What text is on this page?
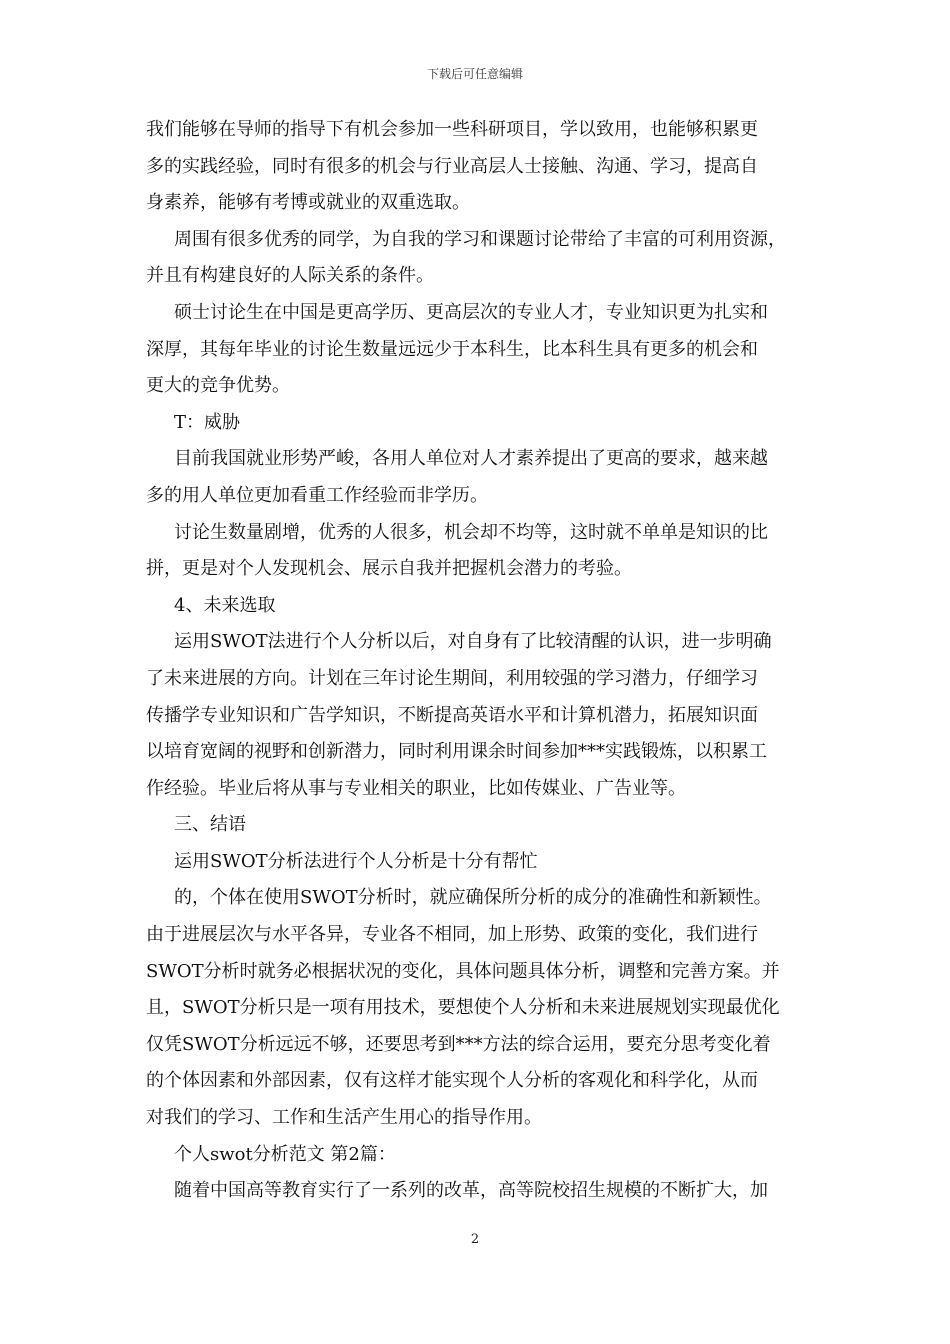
下载后可任意编辑
我们能够在导师的指导下有机会参加一些科研项目，学以致用，也能够积累更
多的实践经验，同时有很多的机会与行业高层人士接触、沟通、学习，提高自
身素养，能够有考博或就业的双重选取。
周围有很多优秀的同学，为自我的学习和课题讨论带给了丰富的可利用资源，
并且有构建良好的人际关系的条件。
硕士讨论生在中国是更高学历、更高层次的专业人才，专业知识更为扎实和
深厚，其每年毕业的讨论生数量远远少于本科生，比本科生具有更多的机会和
更大的竞争优势。
T：威胁
目前我国就业形势严峻，各用人单位对人才素养提出了更高的要求，越来越
多的用人单位更加看重工作经验而非学历。
讨论生数量剧增，优秀的人很多，机会却不均等，这时就不单单是知识的比
拼，更是对个人发现机会、展示自我并把握机会潜力的考验。
4、未来选取
运用SWOT法进行个人分析以后，对自身有了比较清醒的认识，进一步明确
了未来进展的方向。计划在三年讨论生期间，利用较强的学习潜力，仔细学习
传播学专业知识和广告学知识，不断提高英语水平和计算机潜力，拓展知识面
以培育宽阔的视野和创新潜力，同时利用课余时间参加***实践锻炼，以积累工
作经验。毕业后将从事与专业相关的职业，比如传媒业、广告业等。
三、结语
运用SWOT分析法进行个人分析是十分有帮忙
的，个体在使用SWOT分析时，就应确保所分析的成分的准确性和新颖性。
由于进展层次与水平各异，专业各不相同，加上形势、政策的变化，我们进行
SWOT分析时就务必根据状况的变化，具体问题具体分析，调整和完善方案。并
且，SWOT分析只是一项有用技术，要想使个人分析和未来进展规划实现最优化
仅凭SWOT分析远远不够，还要思考到***方法的综合运用，要充分思考变化着
的个体因素和外部因素，仅有这样才能实现个人分析的客观化和科学化，从而
对我们的学习、工作和生活产生用心的指导作用。
个人swot分析范文 第2篇：
随着中国高等教育实行了一系列的改革，高等院校招生规模的不断扩大，加
2
